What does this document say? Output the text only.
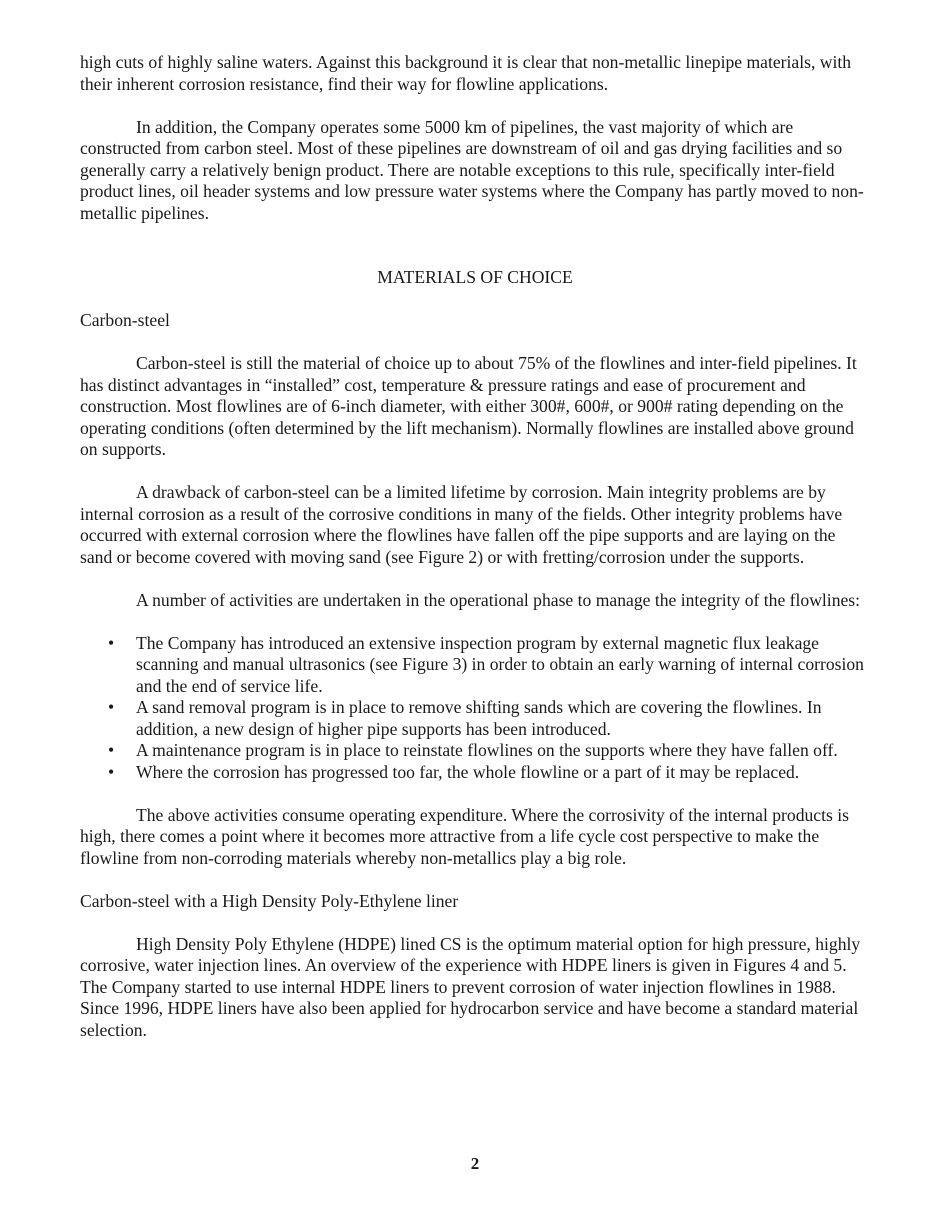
high cuts of highly saline waters. Against this background it is clear that non-metallic linepipe materials, with their inherent corrosion resistance, find their way for flowline applications.

In addition, the Company operates some 5000 km of pipelines, the vast majority of which are constructed from carbon steel. Most of these pipelines are downstream of oil and gas drying facilities and so generally carry a relatively benign product. There are notable exceptions to this rule, specifically inter-field product lines, oil header systems and low pressure water systems where the Company has partly moved to non-metallic pipelines.

MATERIALS OF CHOICE

Carbon-steel

Carbon-steel is still the material of choice up to about 75% of the flowlines and inter-field pipelines. It has distinct advantages in “installed” cost, temperature & pressure ratings and ease of procurement and construction. Most flowlines are of 6-inch diameter, with either 300#, 600#, or 900# rating depending on the operating conditions (often determined by the lift mechanism). Normally flowlines are installed above ground on supports.

A drawback of carbon-steel can be a limited lifetime by corrosion. Main integrity problems are by internal corrosion as a result of the corrosive conditions in many of the fields. Other integrity problems have occurred with external corrosion where the flowlines have fallen off the pipe supports and are laying on the sand or become covered with moving sand (see Figure 2) or with fretting/corrosion under the supports.

A number of activities are undertaken in the operational phase to manage the integrity of the flowlines:

• The Company has introduced an extensive inspection program by external magnetic flux leakage scanning and manual ultrasonics (see Figure 3) in order to obtain an early warning of internal corrosion and the end of service life.
• A sand removal program is in place to remove shifting sands which are covering the flowlines. In addition, a new design of higher pipe supports has been introduced.
• A maintenance program is in place to reinstate flowlines on the supports where they have fallen off.
• Where the corrosion has progressed too far, the whole flowline or a part of it may be replaced.

The above activities consume operating expenditure. Where the corrosivity of the internal products is high, there comes a point where it becomes more attractive from a life cycle cost perspective to make the flowline from non-corroding materials whereby non-metallics play a big role.

Carbon-steel with a High Density Poly-Ethylene liner

High Density Poly Ethylene (HDPE) lined CS is the optimum material option for high pressure, highly corrosive, water injection lines. An overview of the experience with HDPE liners is given in Figures 4 and 5. The Company started to use internal HDPE liners to prevent corrosion of water injection flowlines in 1988. Since 1996, HDPE liners have also been applied for hydrocarbon service and have become a standard material selection.

2
